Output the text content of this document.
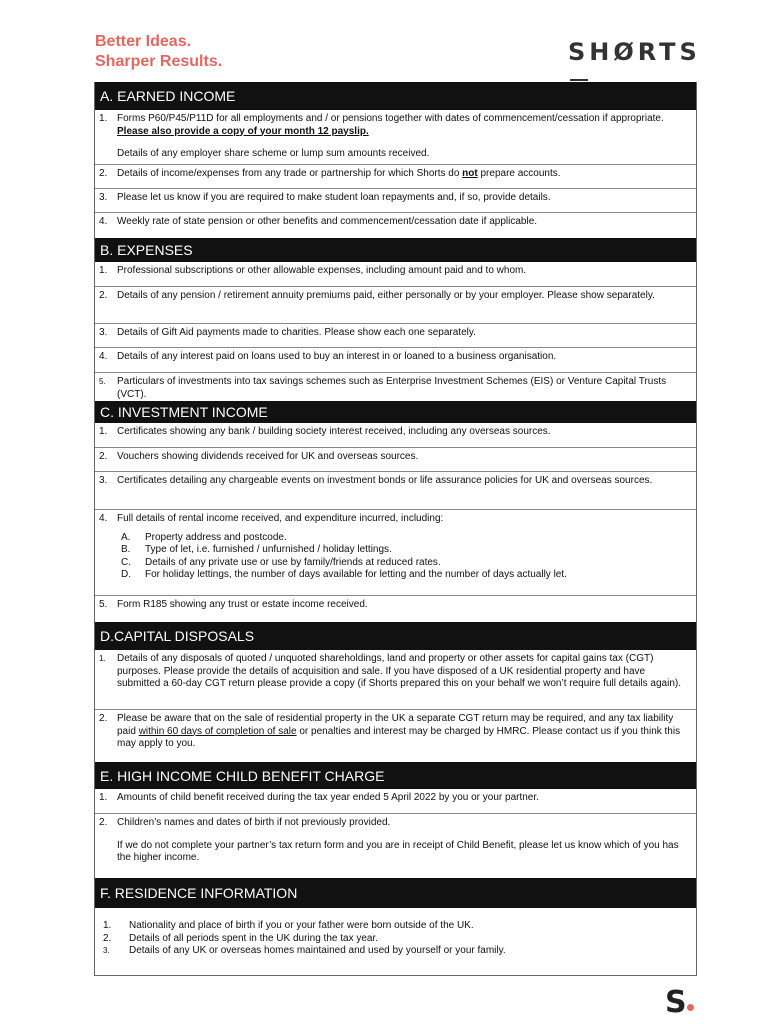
Better Ideas.
Sharper Results.	SHØRTS
A. EARNED INCOME
1. Forms P60/P45/P11D for all employments and / or pensions together with dates of commencement/cessation if appropriate. Please also provide a copy of your month 12 payslip.
Details of any employer share scheme or lump sum amounts received.
2. Details of income/expenses from any trade or partnership for which Shorts do not prepare accounts.
3. Please let us know if you are required to make student loan repayments and, if so, provide details.
4. Weekly rate of state pension or other benefits and commencement/cessation date if applicable.
B. EXPENSES
1. Professional subscriptions or other allowable expenses, including amount paid and to whom.
2. Details of any pension / retirement annuity premiums paid, either personally or by your employer. Please show separately.
3. Details of Gift Aid payments made to charities. Please show each one separately.
4. Details of any interest paid on loans used to buy an interest in or loaned to a business organisation.
5.	Particulars of investments into tax savings schemes such as Enterprise Investment Schemes (EIS) or Venture Capital Trusts (VCT).
C. INVESTMENT INCOME
1. Certificates showing any bank / building society interest received, including any overseas sources.
2. Vouchers showing dividends received for UK and overseas sources.
3. Certificates detailing any chargeable events on investment bonds or life assurance policies for UK and overseas sources.
4. Full details of rental income received, and expenditure incurred, including:
A.	Property address and postcode.
B.	Type of let, i.e. furnished / unfurnished / holiday lettings.
C.	Details of any private use or use by family/friends at reduced rates.
D.	For holiday lettings, the number of days available for letting and the number of days actually let.
5. Form R185 showing any trust or estate income received.
D.CAPITAL DISPOSALS
1.	Details of any disposals of quoted / unquoted shareholdings, land and property or other assets for capital gains tax (CGT) purposes. Please provide the details of acquisition and sale. If you have disposed of a UK residential property and have submitted a 60-day CGT return please provide a copy (if Shorts prepared this on your behalf we won’t require full details again).
2. Please be aware that on the sale of residential property in the UK a separate CGT return may be required, and any tax liability paid within 60 days of completion of sale or penalties and interest may be charged by HMRC. Please contact us if you think this may apply to you.
E. HIGH INCOME CHILD BENEFIT CHARGE
1. Amounts of child benefit received during the tax year ended 5 April 2022 by you or your partner.
2. Children’s names and dates of birth if not previously provided.
If we do not complete your partner’s tax return form and you are in receipt of Child Benefit, please let us know which of you has the higher income.
F. RESIDENCE INFORMATION
1.	Nationality and place of birth if you or your father were born outside of the UK.
2.	Details of all periods spent in the UK during the tax year.
3.	Details of any UK or overseas homes maintained and used by yourself or your family.
S
